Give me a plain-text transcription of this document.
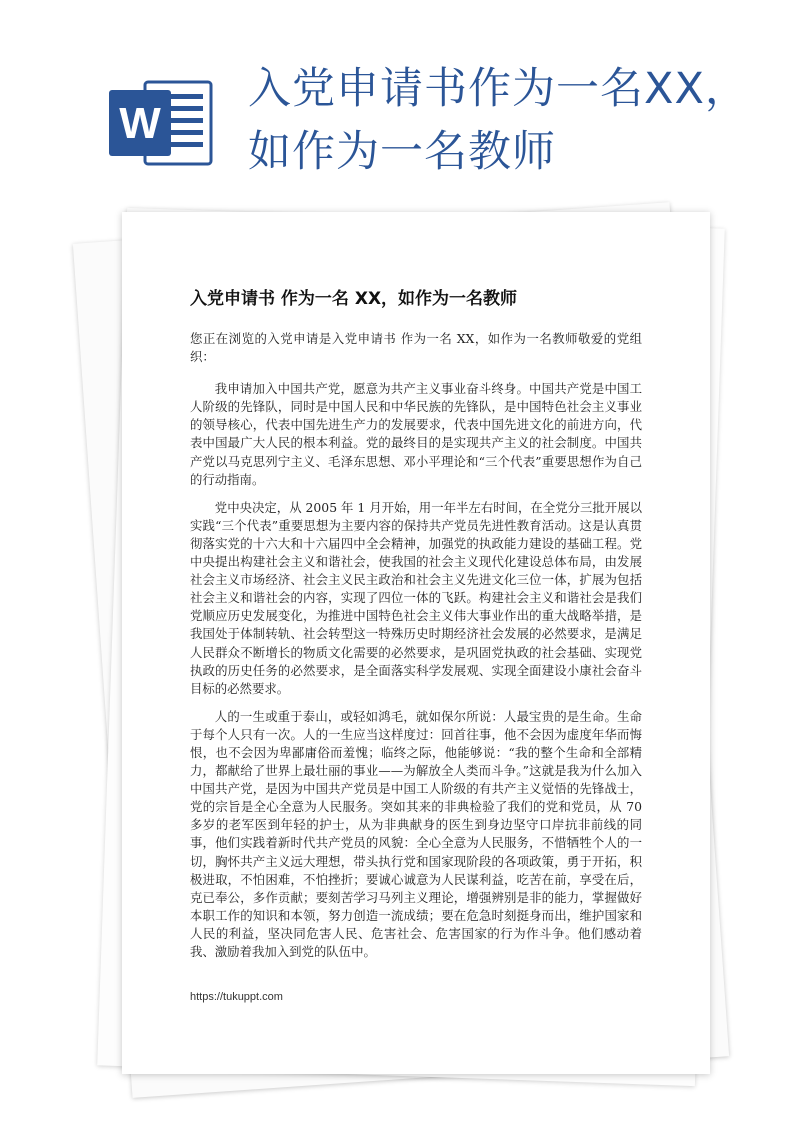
W
入党申请书作为一名XX，如作为一名教师
入党申请书 作为一名 XX，如作为一名教师

您正在浏览的入党申请是入党申请书 作为一名 XX，如作为一名教师敬爱的党组织：

我申请加入中国共产党，愿意为共产主义事业奋斗终身。中国共产党是中国工人阶级的先锋队，同时是中国人民和中华民族的先锋队，是中国特色社会主义事业的领导核心，代表中国先进生产力的发展要求，代表中国先进文化的前进方向，代表中国最广大人民的根本利益。党的最终目的是实现共产主义的社会制度。中国共产党以马克思列宁主义、毛泽东思想、邓小平理论和“三个代表”重要思想作为自己的行动指南。

党中央决定，从 2005 年 1 月开始，用一年半左右时间，在全党分三批开展以实践“三个代表”重要思想为主要内容的保持共产党员先进性教育活动。这是认真贯彻落实党的十六大和十六届四中全会精神，加强党的执政能力建设的基础工程。党中央提出构建社会主义和谐社会，使我国的社会主义现代化建设总体布局，由发展社会主义市场经济、社会主义民主政治和社会主义先进文化三位一体，扩展为包括社会主义和谐社会的内容，实现了四位一体的飞跃。构建社会主义和谐社会是我们党顺应历史发展变化，为推进中国特色社会主义伟大事业作出的重大战略举措，是我国处于体制转轨、社会转型这一特殊历史时期经济社会发展的必然要求，是满足人民群众不断增长的物质文化需要的必然要求，是巩固党执政的社会基础、实现党执政的历史任务的必然要求，是全面落实科学发展观、实现全面建设小康社会奋斗目标的必然要求。

人的一生或重于泰山，或轻如鸿毛，就如保尔所说：人最宝贵的是生命。生命于每个人只有一次。人的一生应当这样度过：回首往事，他不会因为虚度年华而悔恨，也不会因为卑鄙庸俗而羞愧；临终之际，他能够说：“我的整个生命和全部精力，都献给了世界上最壮丽的事业——为解放全人类而斗争。”这就是我为什么加入中国共产党，是因为中国共产党员是中国工人阶级的有共产主义觉悟的先锋战士，党的宗旨是全心全意为人民服务。突如其来的非典检验了我们的党和党员，从 70 多岁的老军医到年轻的护士，从为非典献身的医生到身边坚守口岸抗非前线的同事，他们实践着新时代共产党员的风貌：全心全意为人民服务，不惜牺牲个人的一切，胸怀共产主义远大理想，带头执行党和国家现阶段的各项政策，勇于开拓，积极进取，不怕困难，不怕挫折；要诚心诚意为人民谋利益，吃苦在前，享受在后，克已奉公，多作贡献；要刻苦学习马列主义理论，增强辨别是非的能力，掌握做好本职工作的知识和本领，努力创造一流成绩；要在危急时刻挺身而出，维护国家和人民的利益，坚决同危害人民、危害社会、危害国家的行为作斗争。他们感动着我、激励着我加入到党的队伍中。

https://tukuppt.com
